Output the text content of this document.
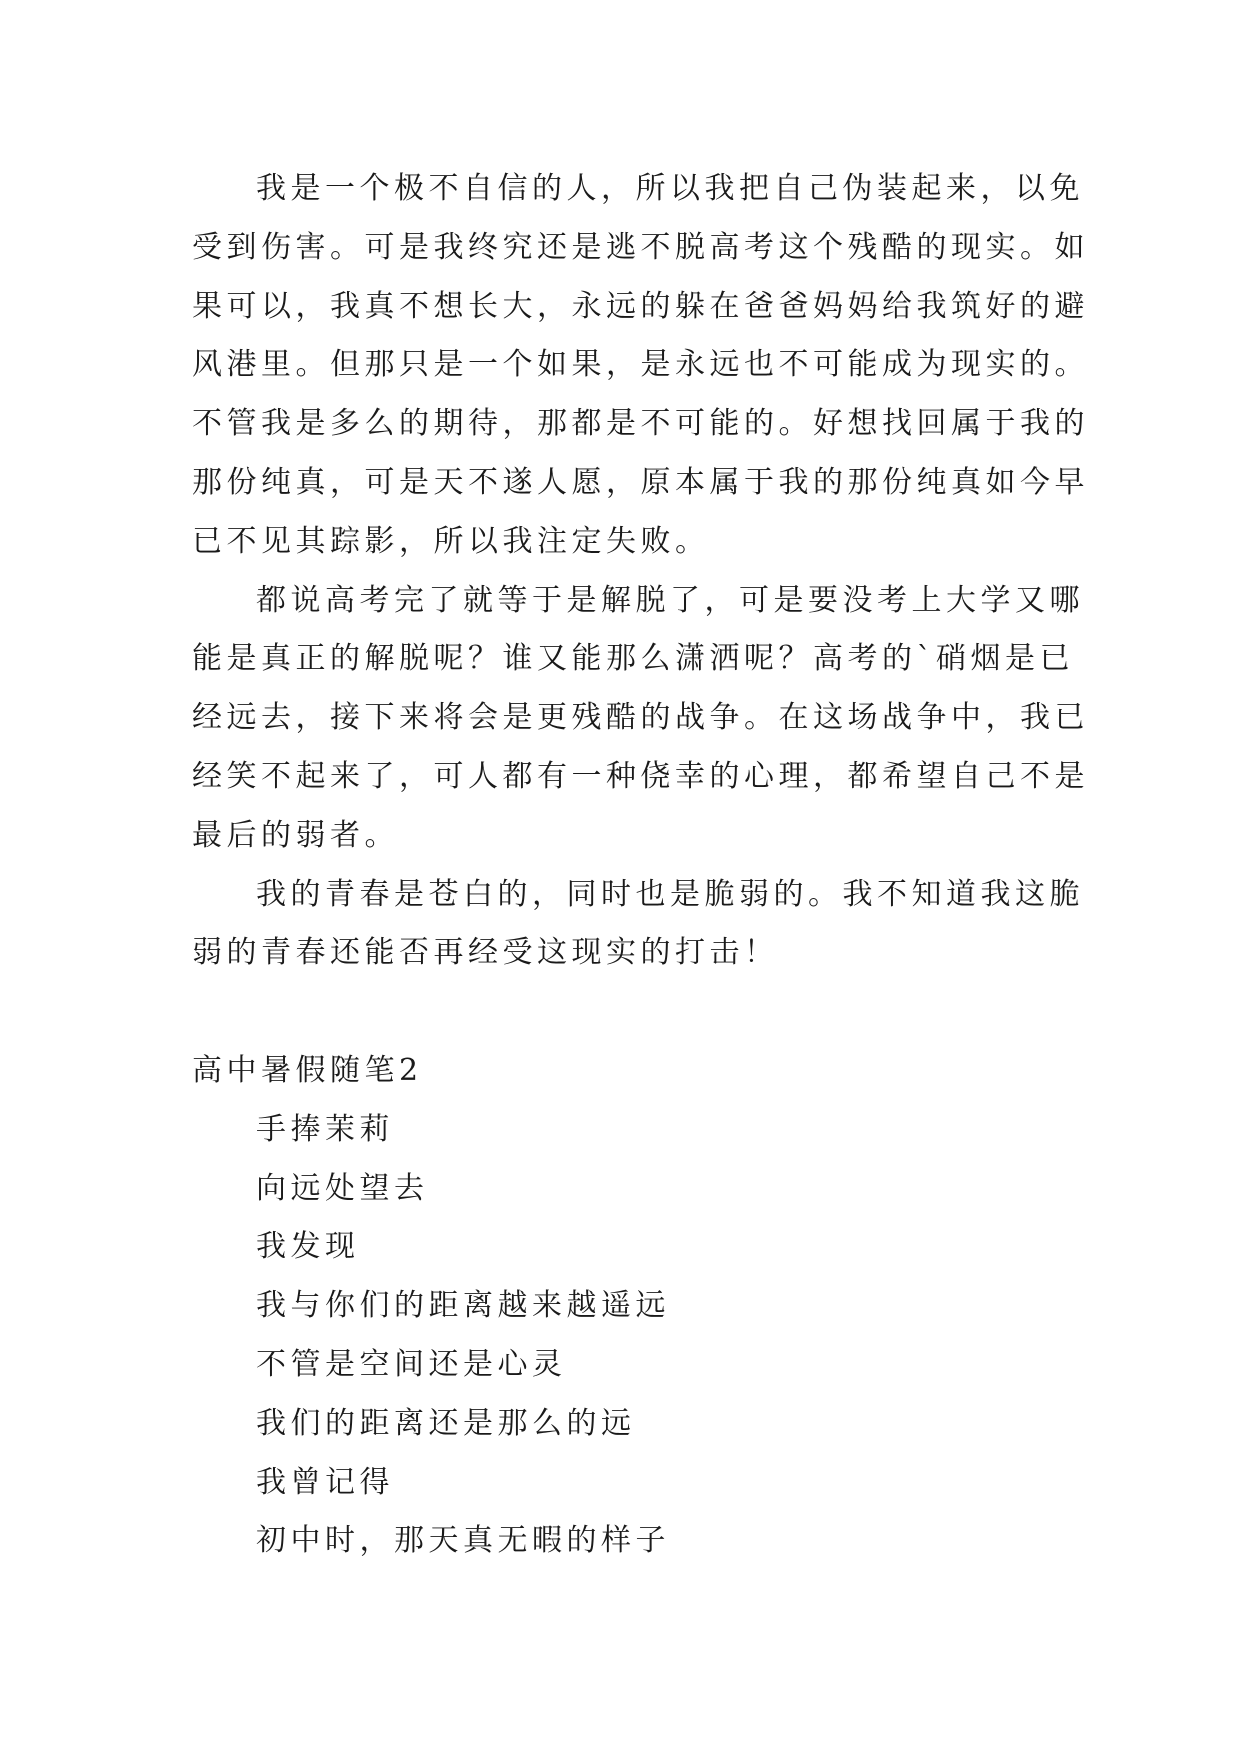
我是一个极不自信的人，所以我把自己伪装起来，以免
受到伤害。可是我终究还是逃不脱高考这个残酷的现实。如
果可以，我真不想长大，永远的躲在爸爸妈妈给我筑好的避
风港里。但那只是一个如果，是永远也不可能成为现实的。
不管我是多么的期待，那都是不可能的。好想找回属于我的
那份纯真，可是天不遂人愿，原本属于我的那份纯真如今早
已不见其踪影，所以我注定失败。
都说高考完了就等于是解脱了，可是要没考上大学又哪
能是真正的解脱呢？谁又能那么潇洒呢？高考的`硝烟是已
经远去，接下来将会是更残酷的战争。在这场战争中，我已
经笑不起来了，可人都有一种侥幸的心理，都希望自己不是
最后的弱者。
我的青春是苍白的，同时也是脆弱的。我不知道我这脆
弱的青春还能否再经受这现实的打击！
高中暑假随笔2
手捧茉莉
向远处望去
我发现
我与你们的距离越来越遥远
不管是空间还是心灵
我们的距离还是那么的远
我曾记得
初中时，那天真无暇的样子
